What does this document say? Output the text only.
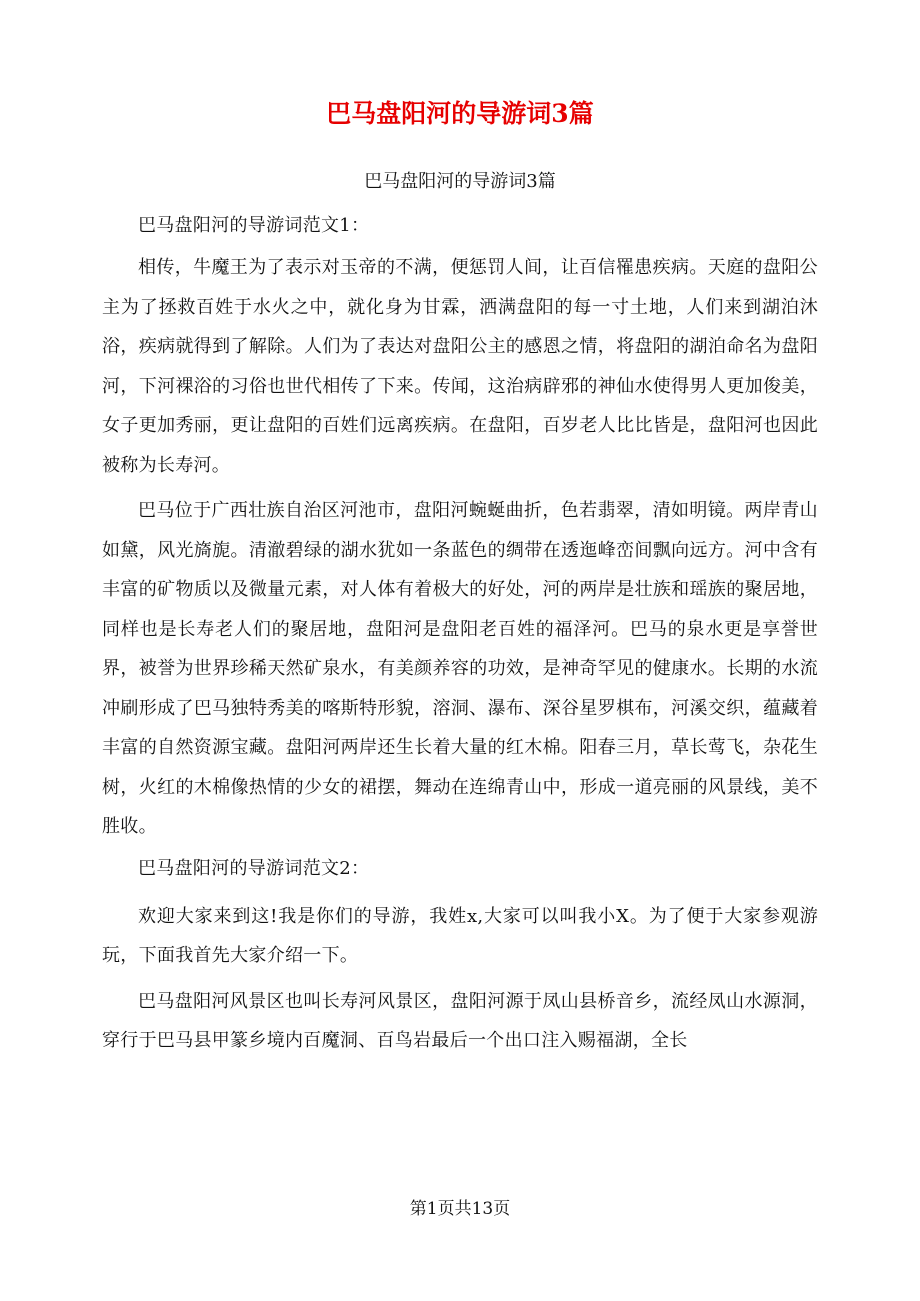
巴马盘阳河的导游词3篇

巴马盘阳河的导游词3篇

巴马盘阳河的导游词范文1：

相传，牛魔王为了表示对玉帝的不满，便惩罚人间，让百信罹患疾病。天庭的盘阳公主为了拯救百姓于水火之中，就化身为甘霖，洒满盘阳的每一寸土地，人们来到湖泊沐浴，疾病就得到了解除。人们为了表达对盘阳公主的感恩之情，将盘阳的湖泊命名为盘阳河，下河裸浴的习俗也世代相传了下来。传闻，这治病辟邪的神仙水使得男人更加俊美，女子更加秀丽，更让盘阳的百姓们远离疾病。在盘阳，百岁老人比比皆是，盘阳河也因此被称为长寿河。

巴马位于广西壮族自治区河池市，盘阳河蜿蜒曲折，色若翡翠，清如明镜。两岸青山如黛，风光旖旎。清澈碧绿的湖水犹如一条蓝色的绸带在透迤峰峦间飘向远方。河中含有丰富的矿物质以及微量元素，对人体有着极大的好处，河的两岸是壮族和瑶族的聚居地，同样也是长寿老人们的聚居地，盘阳河是盘阳老百姓的福泽河。巴马的泉水更是享誉世界，被誉为世界珍稀天然矿泉水，有美颜养容的功效，是神奇罕见的健康水。长期的水流冲刷形成了巴马独特秀美的喀斯特形貌，溶洞、瀑布、深谷星罗棋布，河溪交织，蕴藏着丰富的自然资源宝藏。盘阳河两岸还生长着大量的红木棉。阳春三月，草长莺飞，杂花生树，火红的木棉像热情的少女的裙摆，舞动在连绵青山中，形成一道亮丽的风景线，美不胜收。

巴马盘阳河的导游词范文2：

欢迎大家来到这!我是你们的导游，我姓x,大家可以叫我小X。为了便于大家参观游玩，下面我首先大家介绍一下。

巴马盘阳河风景区也叫长寿河风景区，盘阳河源于凤山县桥音乡，流经凤山水源洞，穿行于巴马县甲篆乡境内百魔洞、百鸟岩最后一个出口注入赐福湖，全长

第1页共13页
